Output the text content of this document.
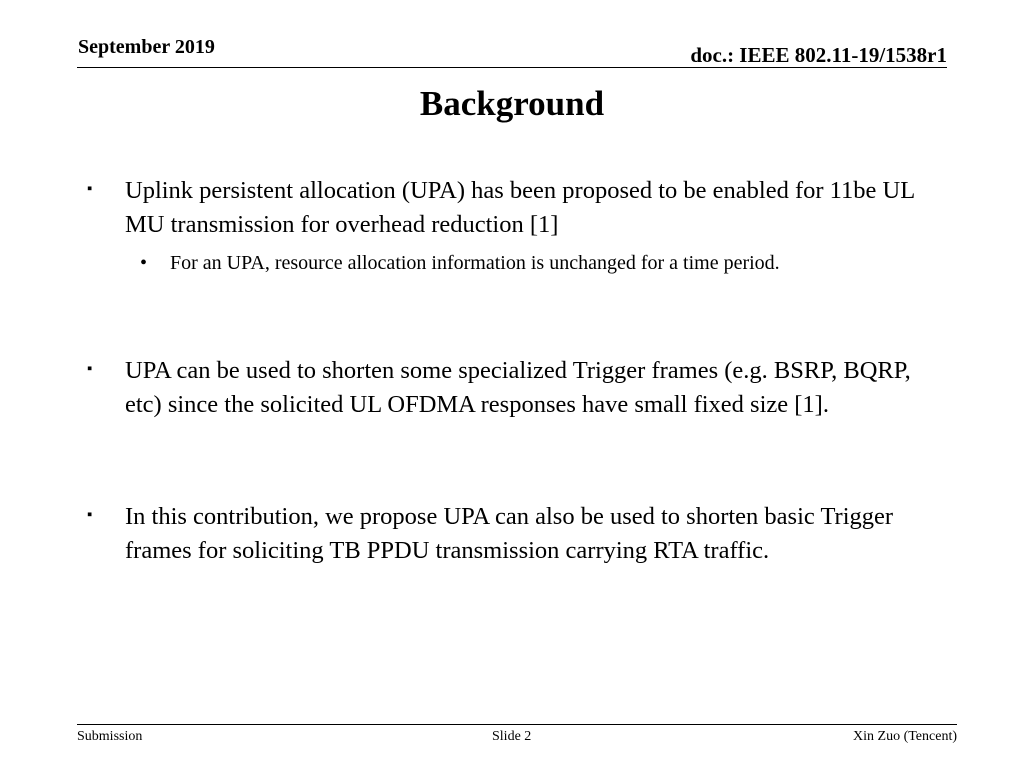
September 2019	doc.: IEEE 802.11-19/1538r1
Background
▪ Uplink persistent allocation (UPA) has been proposed to be enabled for 11be UL MU transmission for overhead reduction [1]
• For an UPA, resource allocation information is unchanged for a time period.
▪ UPA can be used to shorten some specialized Trigger frames (e.g. BSRP, BQRP, etc) since the solicited UL OFDMA responses have small fixed size [1].
▪ In this contribution, we propose UPA can also be used to shorten basic Trigger frames for soliciting TB PPDU transmission carrying RTA traffic.
Submission	Slide 2	Xin Zuo (Tencent)
